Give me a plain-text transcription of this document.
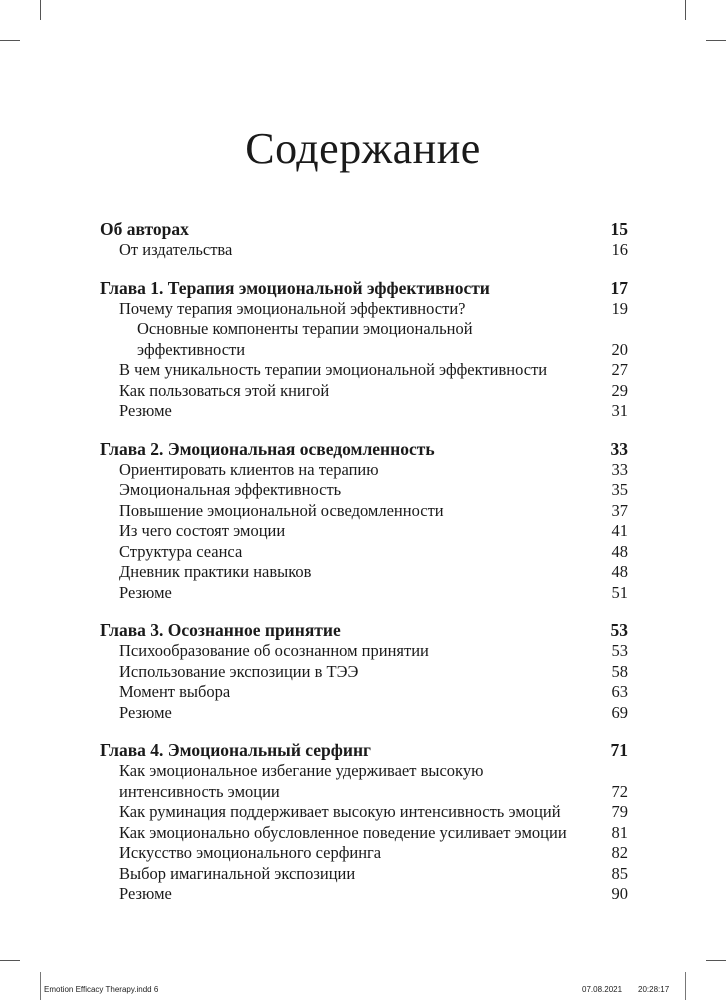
Содержание
Об авторах	15
От издательства	16
Глава 1. Терапия эмоциональной эффективности	17
Почему терапия эмоциональной эффективности?	19
Основные компоненты терапии эмоциональной эффективности	20
В чем уникальность терапии эмоциональной эффективности	27
Как пользоваться этой книгой	29
Резюме	31
Глава 2. Эмоциональная осведомленность	33
Ориентировать клиентов на терапию	33
Эмоциональная эффективность	35
Повышение эмоциональной осведомленности	37
Из чего состоят эмоции	41
Структура сеанса	48
Дневник практики навыков	48
Резюме	51
Глава 3. Осознанное принятие	53
Психообразование об осознанном принятии	53
Использование экспозиции в ТЭЭ	58
Момент выбора	63
Резюме	69
Глава 4. Эмоциональный серфинг	71
Как эмоциональное избегание удерживает высокую интенсивность эмоции	72
Как руминация поддерживает высокую интенсивность эмоций	79
Как эмоционально обусловленное поведение усиливает эмоции	81
Искусство эмоционального серфинга	82
Выбор имагинальной экспозиции	85
Резюме	90
Emotion Efficacy Therapy.indd 6	07.08.2021 20:28:17
